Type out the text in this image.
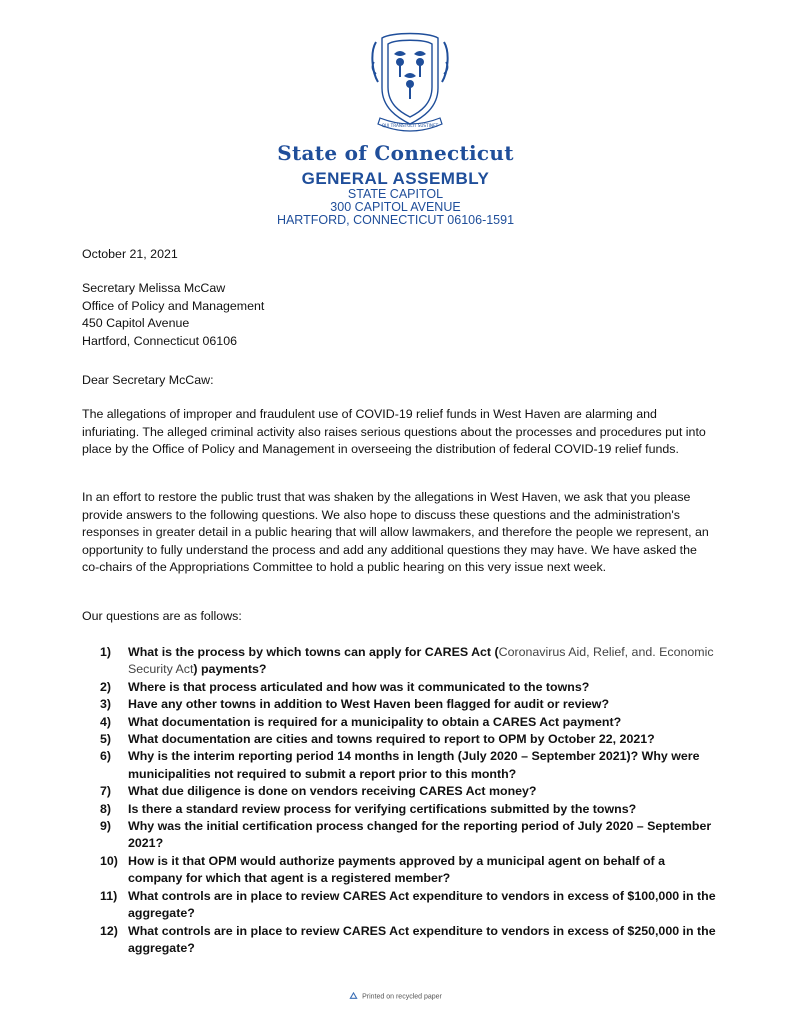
QUI TRANSTULIT SUSTINET
State of Connecticut
GENERAL ASSEMBLY
STATE CAPITOL
300 CAPITOL AVENUE
HARTFORD, CONNECTICUT 06106-1591
October 21, 2021
Secretary Melissa McCaw
Office of Policy and Management
450 Capitol Avenue
Hartford, Connecticut 06106
Dear Secretary McCaw:

The allegations of improper and fraudulent use of COVID-19 relief funds in West Haven are alarming and infuriating. The alleged criminal activity also raises serious questions about the processes and procedures put into place by the Office of Policy and Management in overseeing the distribution of federal COVID-19 relief funds.

In an effort to restore the public trust that was shaken by the allegations in West Haven, we ask that you please provide answers to the following questions. We also hope to discuss these questions and the administration's responses in greater detail in a public hearing that will allow lawmakers, and therefore the people we represent, an opportunity to fully understand the process and add any additional questions they may have. We have asked the co-chairs of the Appropriations Committee to hold a public hearing on this very issue next week.

Our questions are as follows:
1)	What is the process by which towns can apply for CARES Act (Coronavirus Aid, Relief, and. Economic Security Act) payments?
2)	Where is that process articulated and how was it communicated to the towns?
3)	Have any other towns in addition to West Haven been flagged for audit or review?
4)	What documentation is required for a municipality to obtain a CARES Act payment?
5)	What documentation are cities and towns required to report to OPM by October 22, 2021?
6)	Why is the interim reporting period 14 months in length (July 2020 – September 2021)? Why were municipalities not required to submit a report prior to this month?
7)	What due diligence is done on vendors receiving CARES Act money?
8)	Is there a standard review process for verifying certifications submitted by the towns?
9)	Why was the initial certification process changed for the reporting period of July 2020 – September 2021?
10) How is it that OPM would authorize payments approved by a municipal agent on behalf of a company for which that agent is a registered member?
11) What controls are in place to review CARES Act expenditure to vendors in excess of $100,000 in the aggregate?
12) What controls are in place to review CARES Act expenditure to vendors in excess of $250,000 in the aggregate?
Printed on recycled paper
